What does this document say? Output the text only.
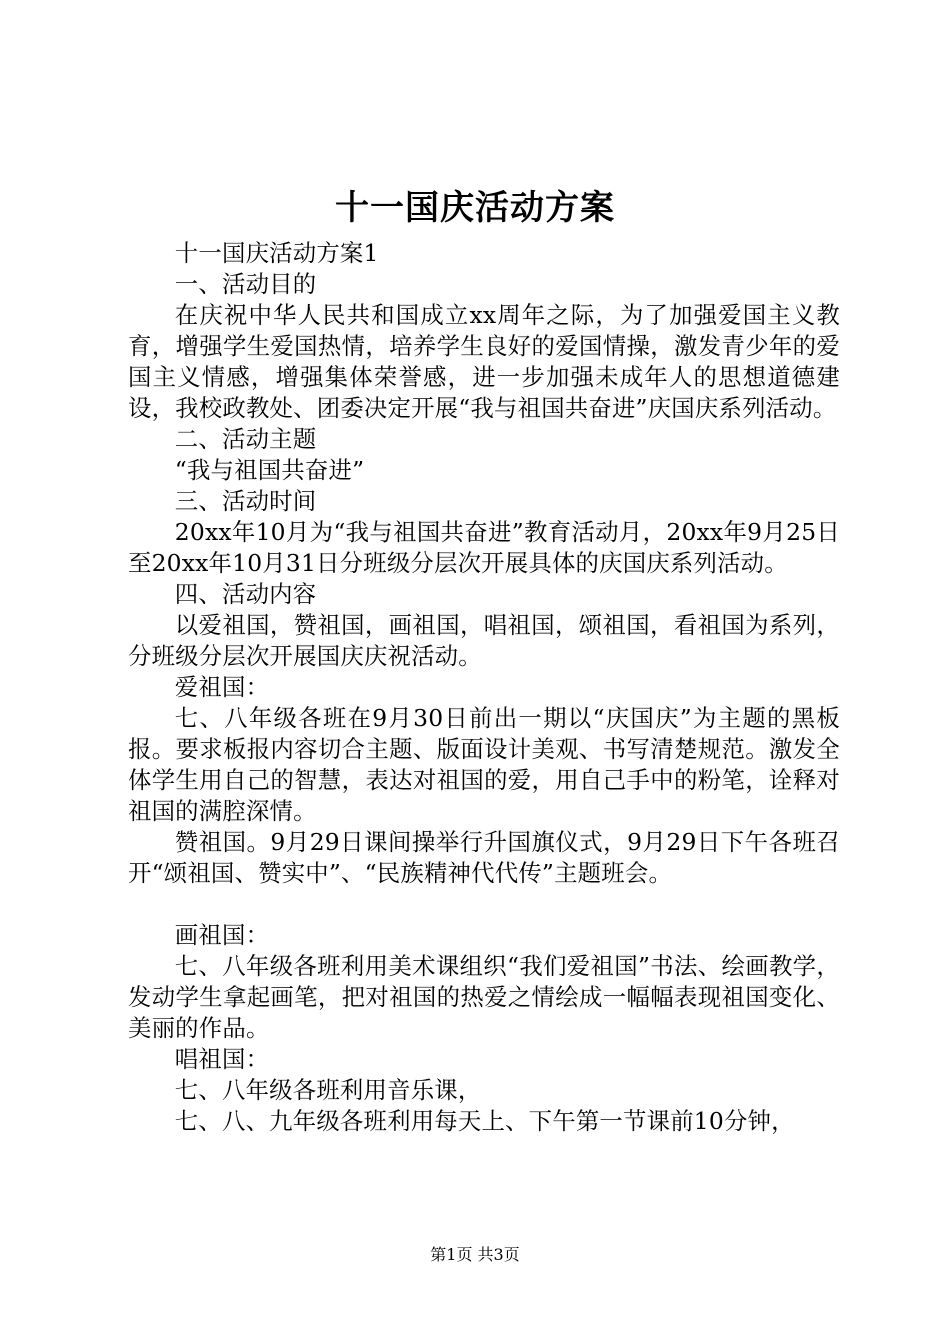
十一国庆活动方案

十一国庆活动方案1

一、活动目的

在庆祝中华人民共和国成立xx周年之际，为了加强爱国主义教育，增强学生爱国热情，培养学生良好的爱国情操，激发青少年的爱国主义情感，增强集体荣誉感，进一步加强未成年人的思想道德建设，我校政教处、团委决定开展“我与祖国共奋进”庆国庆系列活动。

二、活动主题

“我与祖国共奋进”

三、活动时间

20xx年10月为“我与祖国共奋进”教育活动月，20xx年9月25日至20xx年10月31日分班级分层次开展具体的庆国庆系列活动。

四、活动内容

以爱祖国，赞祖国，画祖国，唱祖国，颂祖国，看祖国为系列，分班级分层次开展国庆庆祝活动。

爱祖国：

七、八年级各班在9月30日前出一期以“庆国庆”为主题的黑板报。要求板报内容切合主题、版面设计美观、书写清楚规范。激发全体学生用自己的智慧，表达对祖国的爱，用自己手中的粉笔，诠释对祖国的满腔深情。

赞祖国。9月29日课间操举行升国旗仪式，9月29日下午各班召开“颂祖国、赞实中”、“民族精神代代传”主题班会。

画祖国：

七、八年级各班利用美术课组织“我们爱祖国”书法、绘画教学，发动学生拿起画笔，把对祖国的热爱之情绘成一幅幅表现祖国变化、美丽的作品。

唱祖国：

七、八年级各班利用音乐课，

七、八、九年级各班利用每天上、下午第一节课前10分钟，

第1页 共3页
